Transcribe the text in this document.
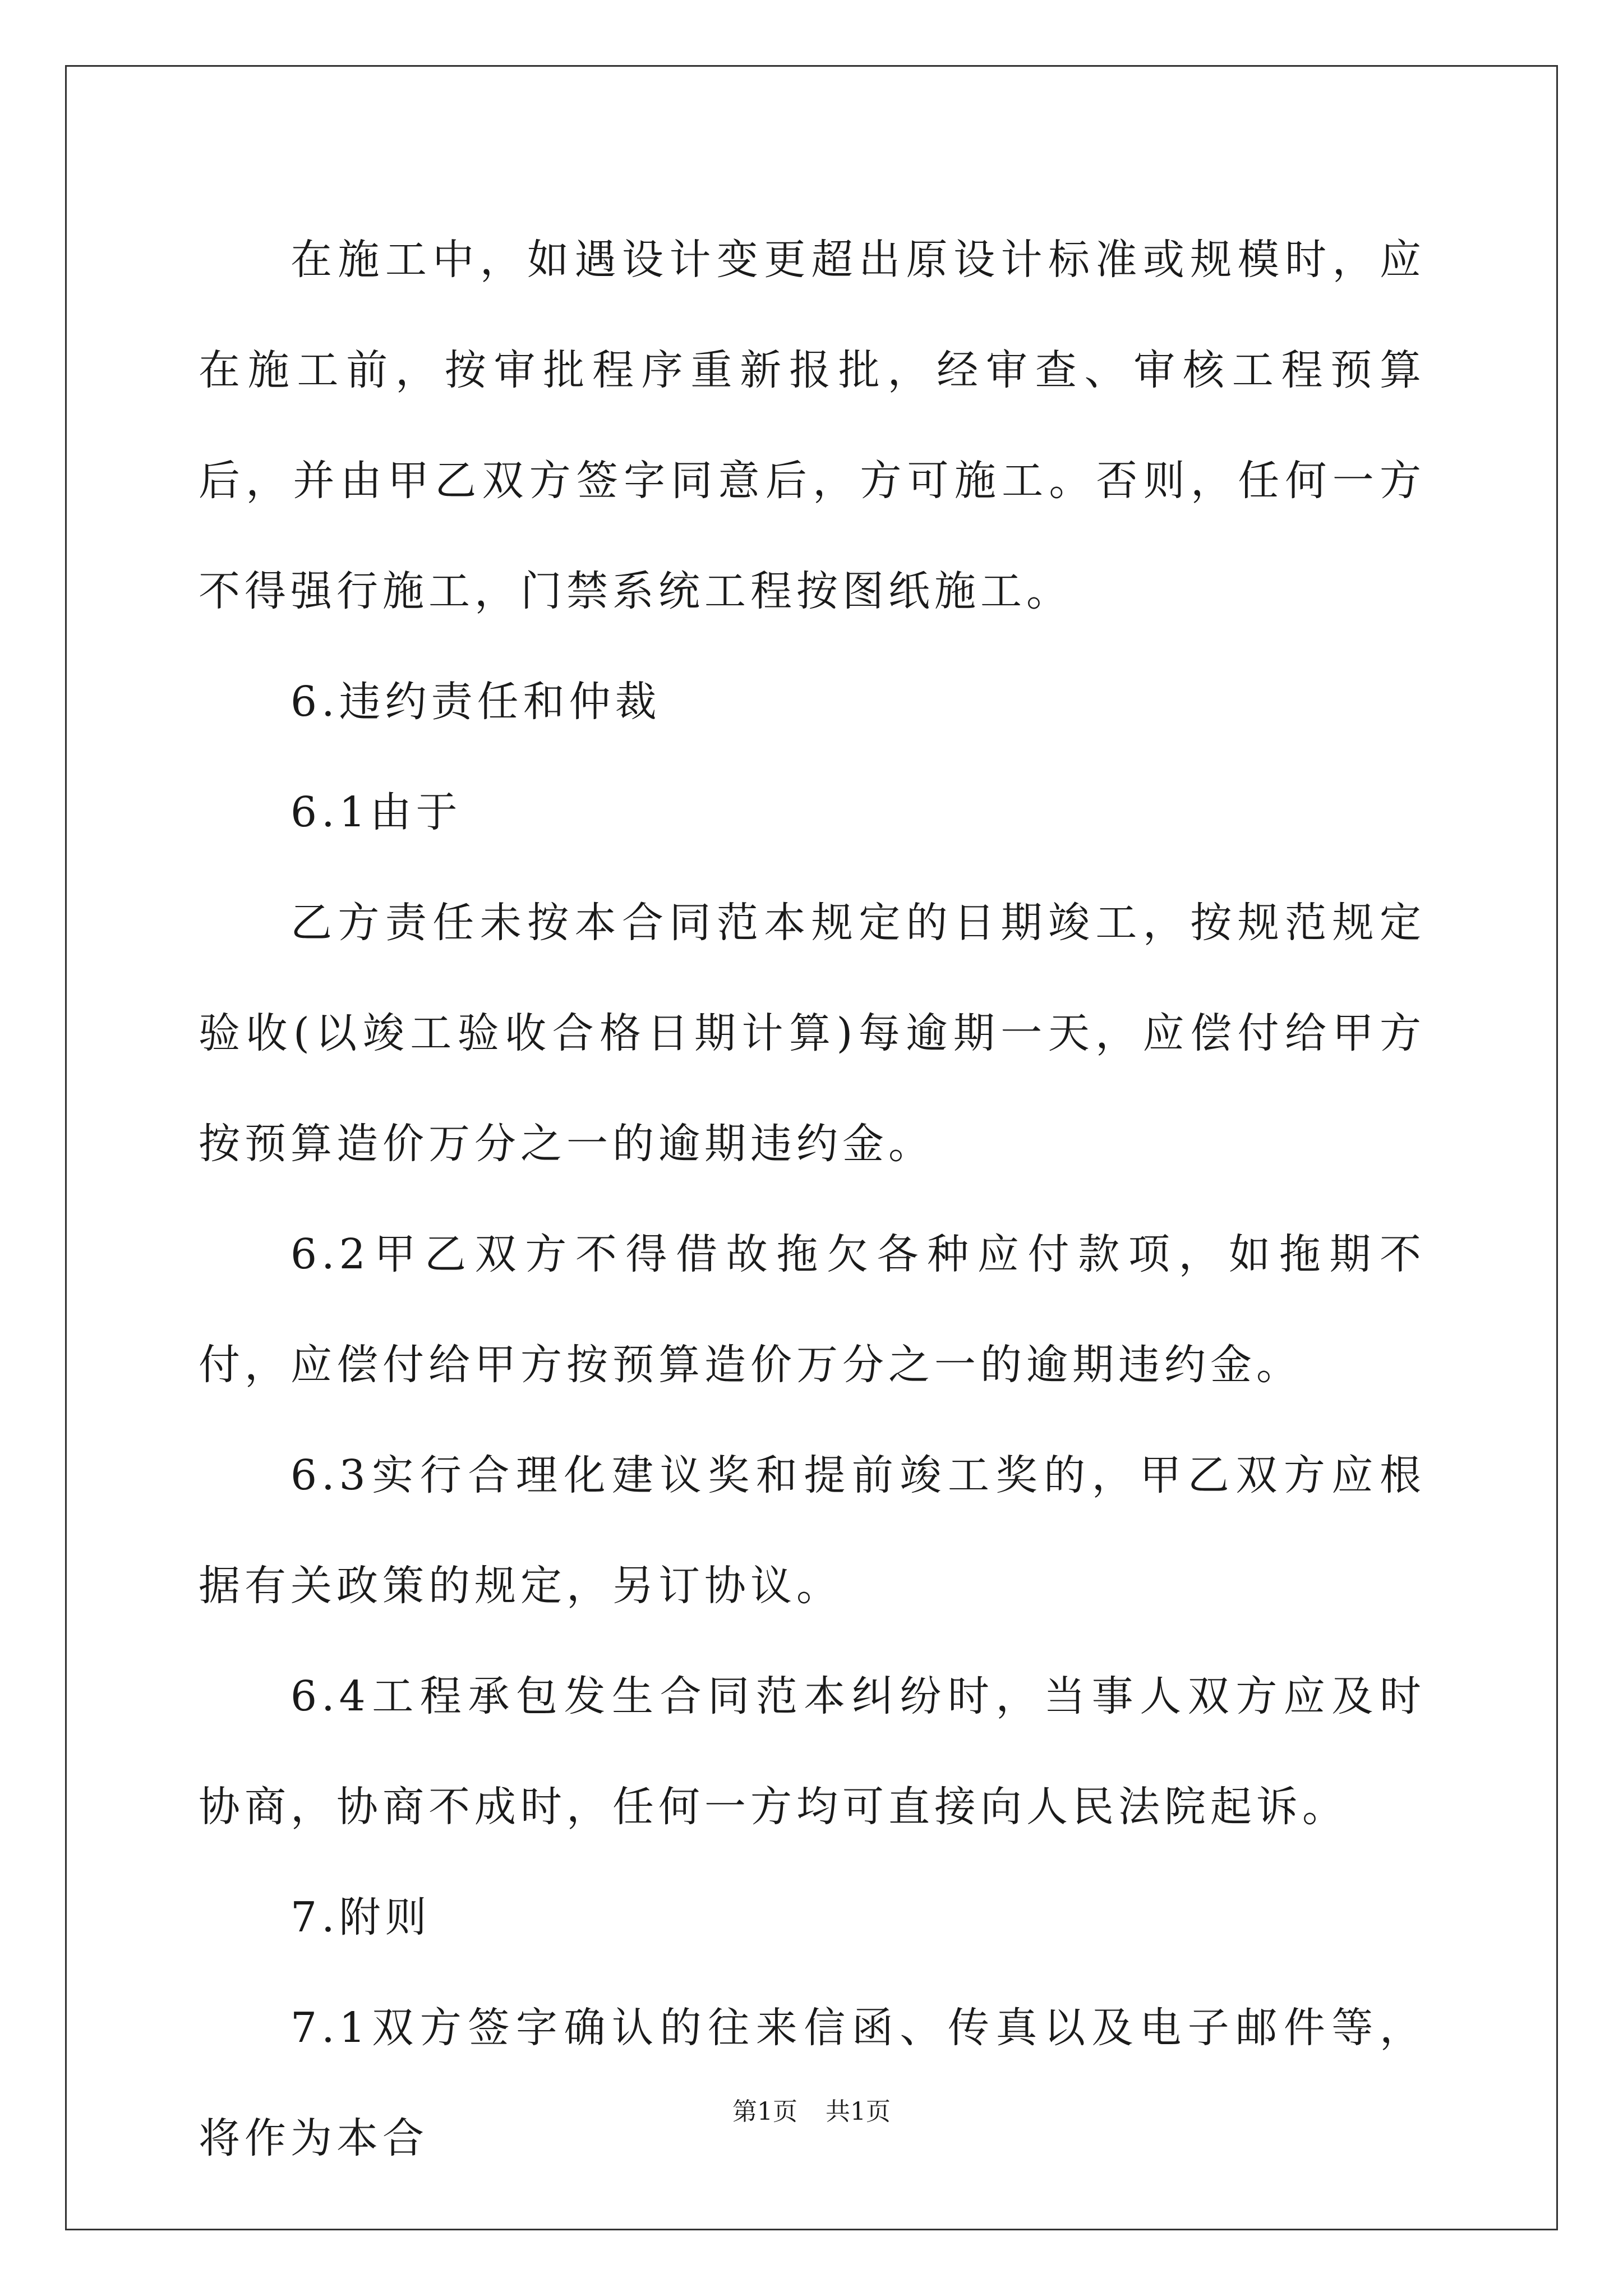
在施工中，如遇设计变更超出原设计标准或规模时，应在施工前，按审批程序重新报批，经审查、审核工程预算后，并由甲乙双方签字同意后，方可施工。否则，任何一方不得强行施工，门禁系统工程按图纸施工。

6.违约责任和仲裁

6.1由于

乙方责任未按本合同范本规定的日期竣工，按规范规定验收(以竣工验收合格日期计算)每逾期一天，应偿付给甲方按预算造价万分之一的逾期违约金。

6.2甲乙双方不得借故拖欠各种应付款项，如拖期不付，应偿付给甲方按预算造价万分之一的逾期违约金。

6.3实行合理化建议奖和提前竣工奖的，甲乙双方应根据有关政策的规定，另订协议。

6.4工程承包发生合同范本纠纷时，当事人双方应及时协商，协商不成时，任何一方均可直接向人民法院起诉。

7.附则

7.1双方签字确认的往来信函、传真以及电子邮件等，将作为本合

第1页 共1页
